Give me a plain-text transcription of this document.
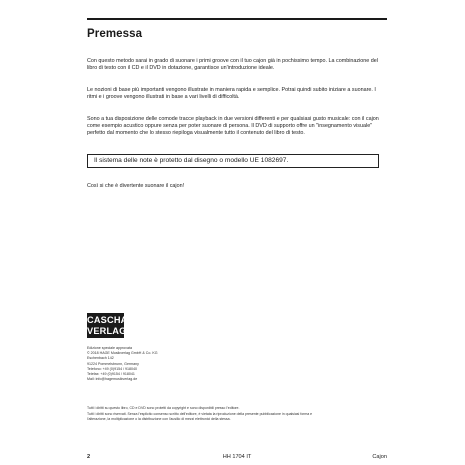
Premessa

Con questo metodo sarai in grado di suonare i primi groove con il tuo cajon già in pochissimo tempo. La combinazione del libro di testo con il CD e il DVD in dotazione, garantisce un'introduzione ideale.

Le nozioni di base più importanti vengono illustrate in maniera rapida e semplice. Potrai quindi subito iniziare a suonare. I ritmi e i groove vengono illustrati in base a vari livelli di difficoltà.

Sono a tua disposizione delle comode tracce playback in due versioni differenti e per qualsiasi gusto musicale: con il cajon come esempio acustico oppure senza per poter suonare di persona. Il DVD di supporto offre un "insegnamento visuale" perfetto dal momento che lo stesso riepiloga visualmente tutto il contenuto del libro di testo.

Così si che è divertente suonare il cajon!

Il sistema delle note è protetto dal disegno o modello UE 1082697.
CASCHA
VERLAG
Edizione speciale approvata
© 2018 HAGE Musikverlag GmbH & Co. KG
Eschenbach 142
91224 Pommelsbrunn, Germany
Telefono: +49 (0)9154 / 918040
Telefax: +49 (0)9154 / 918041
Mail: info@hagemusikverlag.de
Tutti i diritti su questo libro, CD e DVD sono protetti da copyright e sono disponibili presso l'editore.
Tutti i diritti sono riservati. Senza l'esplicito consenso scritto dell'editore, è vietata la riproduzione della presente pubblicazione in qualsiasi forma e
l'alterazione, la moltiplicazione o la distribuzione con l'ausilio di mezzi elettronici della stessa.
2	HH 1704 IT	Cajon
